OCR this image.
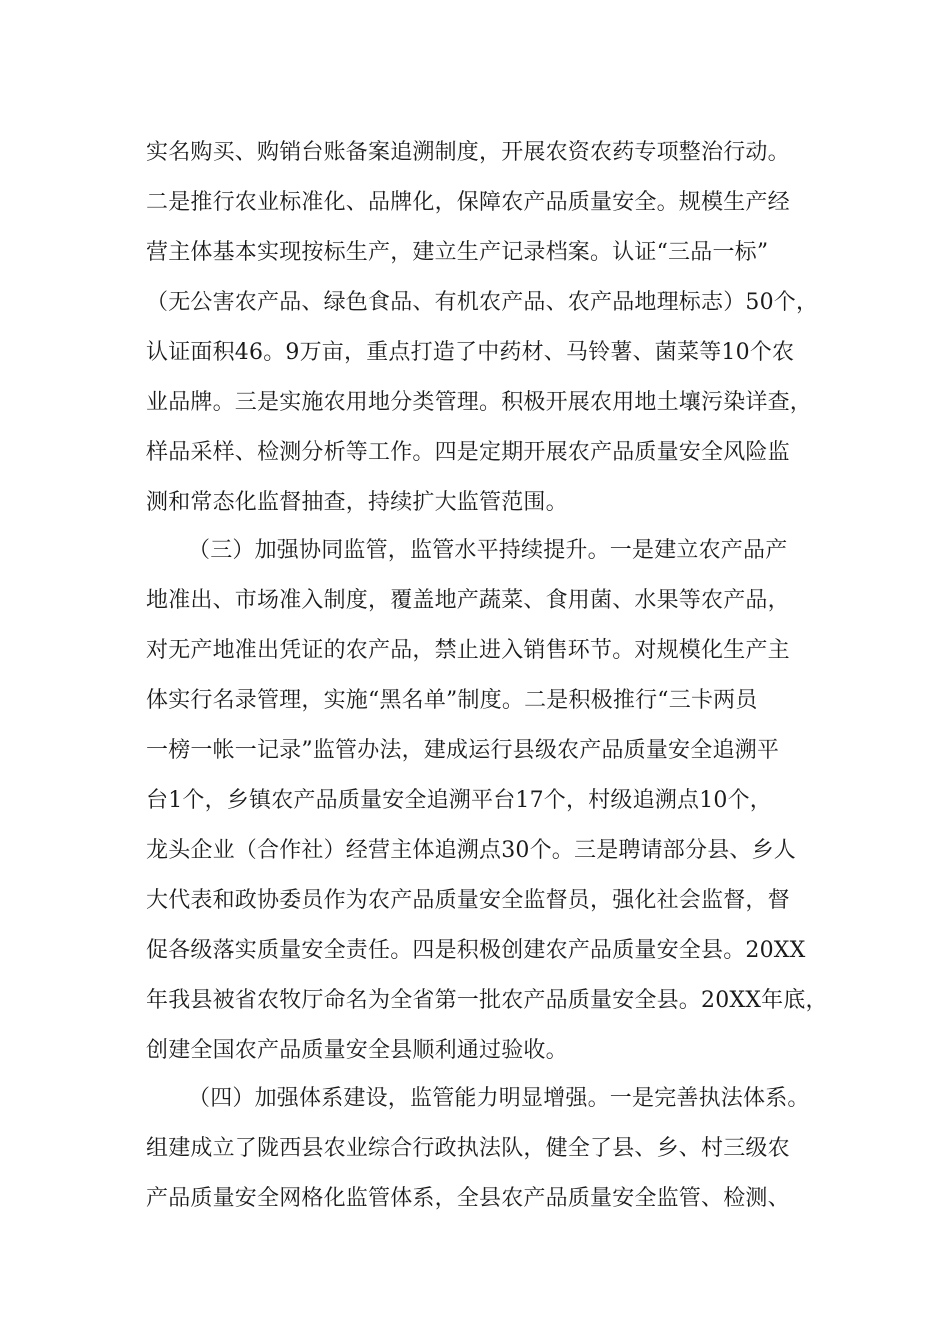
实名购买、购销台账备案追溯制度，开展农资农药专项整治行动。
二是推行农业标准化、品牌化，保障农产品质量安全。规模生产经
营主体基本实现按标生产，建立生产记录档案。认证“三品一标”
（无公害农产品、绿色食品、有机农产品、农产品地理标志）50个，
认证面积46。9万亩，重点打造了中药材、马铃薯、菌菜等10个农
业品牌。三是实施农用地分类管理。积极开展农用地土壤污染详查，
样品采样、检测分析等工作。四是定期开展农产品质量安全风险监
测和常态化监督抽查，持续扩大监管范围。
（三）加强协同监管，监管水平持续提升。一是建立农产品产
地准出、市场准入制度，覆盖地产蔬菜、食用菌、水果等农产品，
对无产地准出凭证的农产品，禁止进入销售环节。对规模化生产主
体实行名录管理，实施“黑名单”制度。二是积极推行“三卡两员
一榜一帐一记录”监管办法，建成运行县级农产品质量安全追溯平
台1个，乡镇农产品质量安全追溯平台17个，村级追溯点10个，
龙头企业（合作社）经营主体追溯点30个。三是聘请部分县、乡人
大代表和政协委员作为农产品质量安全监督员，强化社会监督，督
促各级落实质量安全责任。四是积极创建农产品质量安全县。20XX
年我县被省农牧厅命名为全省第一批农产品质量安全县。20XX年底，
创建全国农产品质量安全县顺利通过验收。
（四）加强体系建设，监管能力明显增强。一是完善执法体系。
组建成立了陇西县农业综合行政执法队，健全了县、乡、村三级农
产品质量安全网格化监管体系，全县农产品质量安全监管、检测、
